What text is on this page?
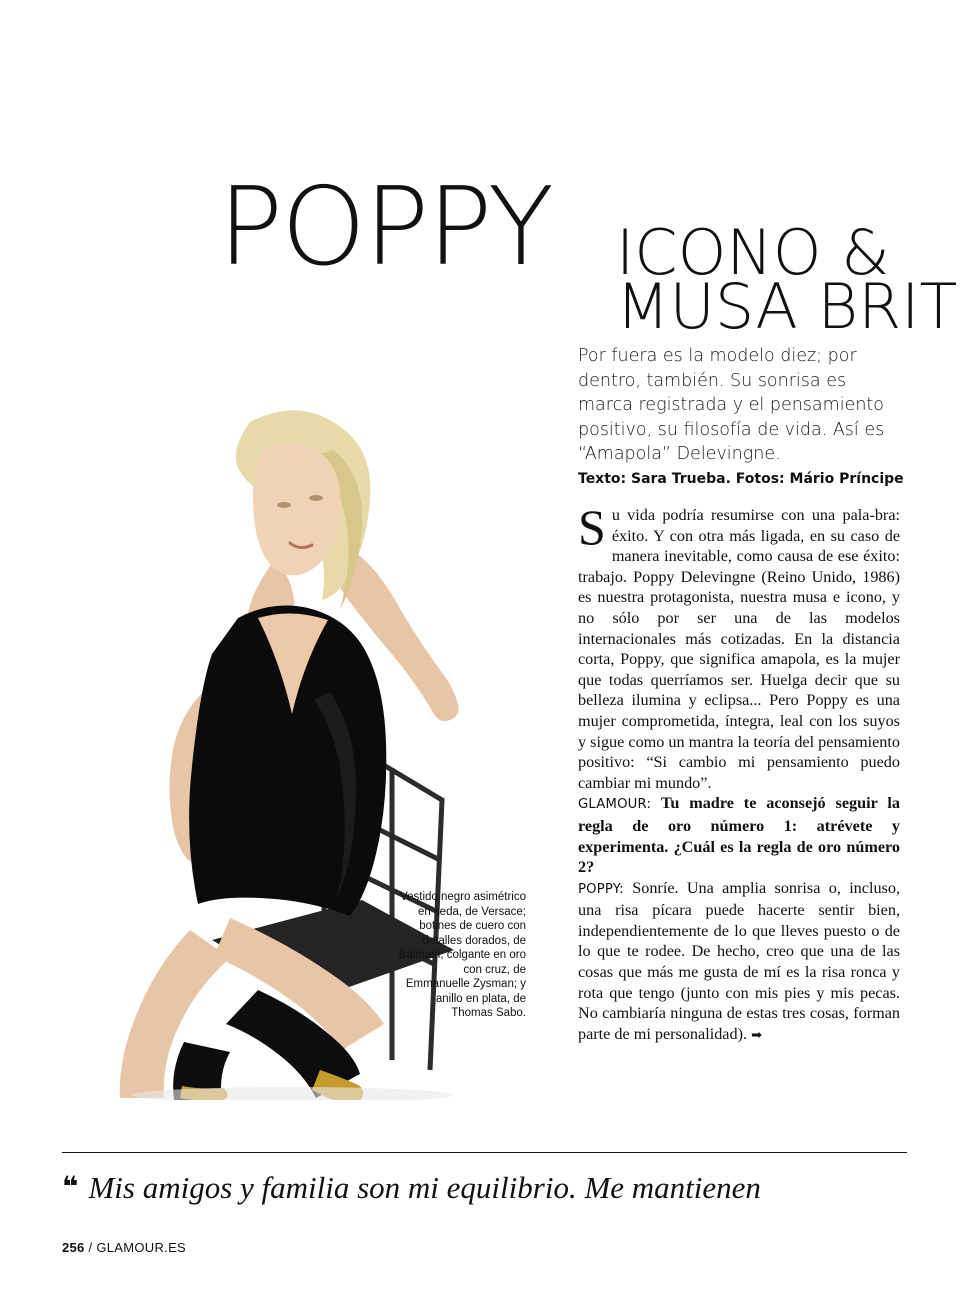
POPPY ICONO &
MUSA BRIT
Por fuera es la modelo diez; por dentro, también. Su sonrisa es marca registrada y el pensamiento positivo, su filosofía de vida. Así es “Amapola” Delevingne.
Texto: Sara Trueba. Fotos: Mário Príncipe
Vestido negro asimétrico en seda, de Versace; botines de cuero con detalles dorados, de Balmain; colgante en oro con cruz, de Emmanuelle Zysman; y anillo en plata, de Thomas Sabo.

Su vida podría resumirse con una pala-bra: éxito. Y con otra más ligada, en su caso de manera inevitable, como causa de ese éxito: trabajo. Poppy Delevingne (Reino Unido, 1986) es nuestra protagonista, nuestra musa e icono, y no sólo por ser una de las modelos internacionales más cotizadas. En la distancia corta, Poppy, que significa amapola, es la mujer que todas querríamos ser. Huelga decir que su belleza ilumina y eclipsa... Pero Poppy es una mujer comprometida, íntegra, leal con los suyos y sigue como un mantra la teoría del pensamiento positivo: “Si cambio mi pensamiento puedo cambiar mi mundo”.

GLAMOUR: Tu madre te aconsejó seguir la regla de oro número 1: atrévete y experimenta. ¿Cuál es la regla de oro número 2?

POPPY: Sonríe. Una amplia sonrisa o, incluso, una risa pícara puede hacerte sentir bien, independientemente de lo que lleves puesto o de lo que te rodee. De hecho, creo que una de las cosas que más me gusta de mí es la risa ronca y rota que tengo (junto con mis pies y mis pecas. No cambiaría ninguna de estas tres cosas, forman parte de mi personalidad). ➡

❝ Mis amigos y familia son mi equilibrio. Me mantienen
256 / GLAMOUR.ES
